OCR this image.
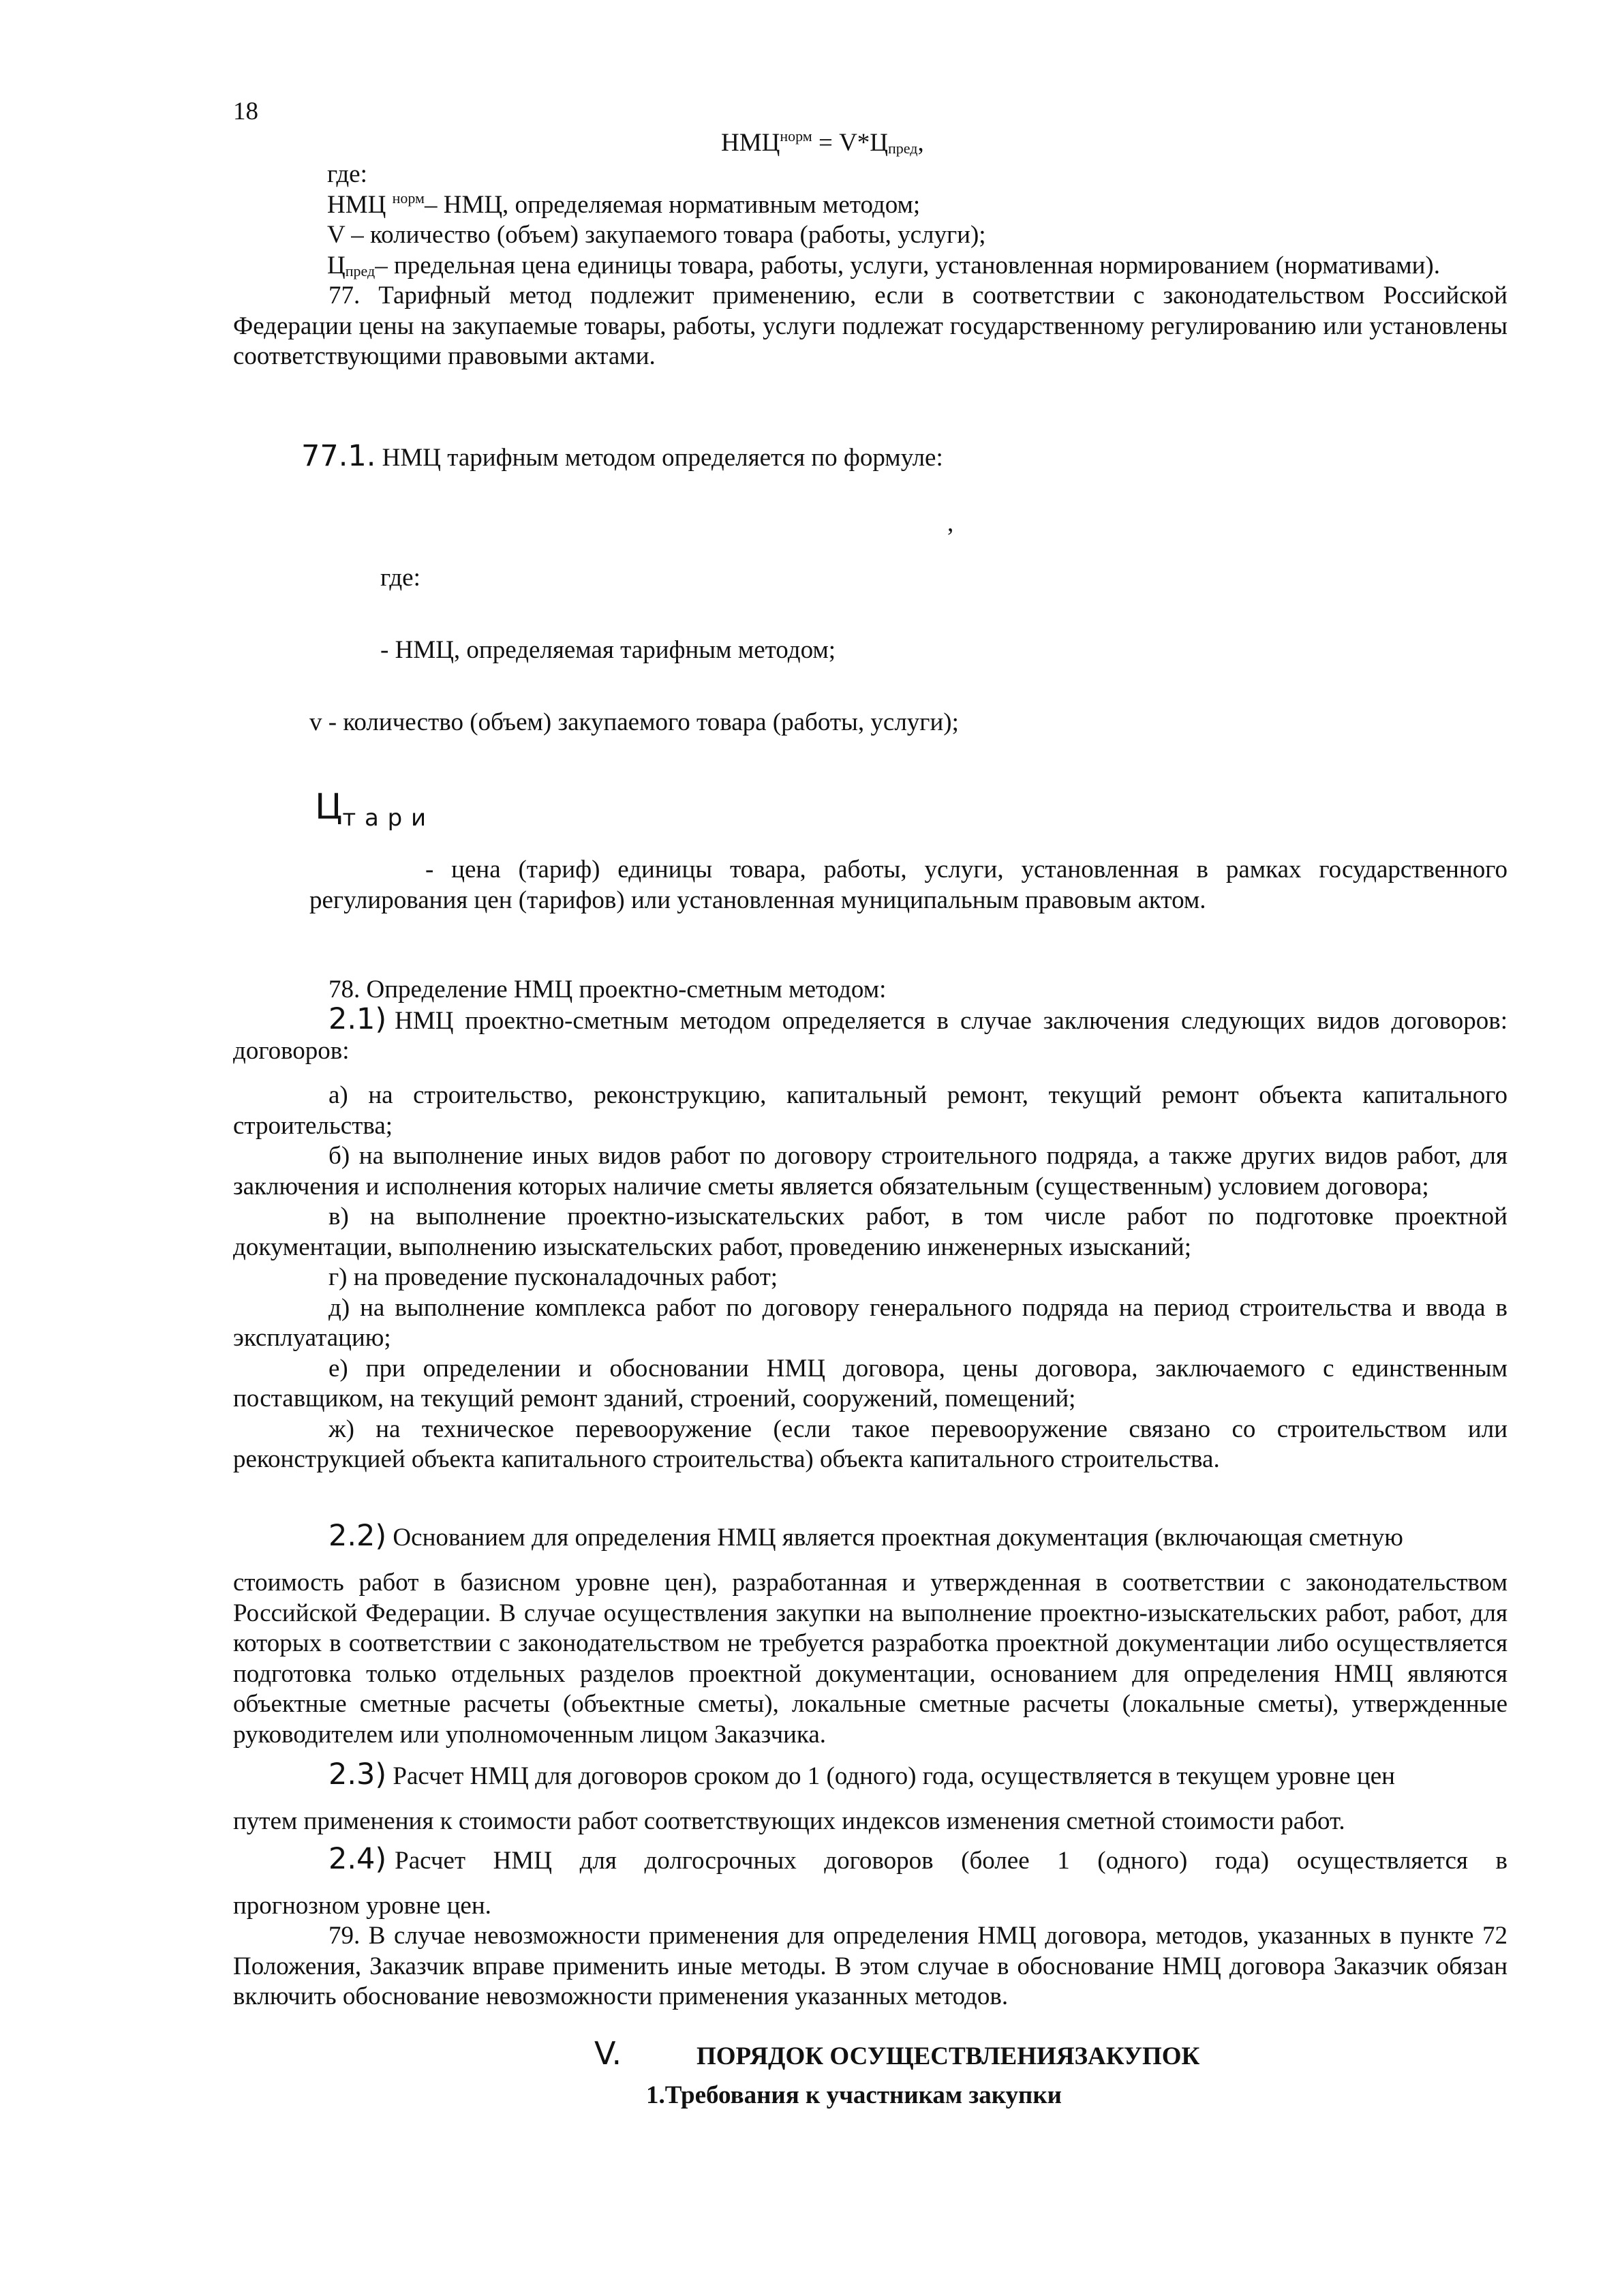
18
$НМЦ^{норм} = V*Ц_{пред}$,

где:

НМЦ $^{норм}$– НМЦ, определяемая нормативным методом;

V – количество (объем) закупаемого товара (работы, услуги);

$Ц_{пред}-$ предельная цена единицы товара, работы, услуги, установленная нормированием (нормативами).

77. Тарифный метод подлежит применению, если в соответствии с законодательством Российской Федерации цены на закупаемые товары, работы, услуги подлежат государственному регулированию или установлены соответствующими правовыми актами.

77.1. НМЦ тарифным методом определяется по формуле:
,
где:
- НМЦ, определяемая тарифным методом;
v - количество (объем) закупаемого товара (работы, услуги);
Цт а р и

- цена (тариф) единицы товара, работы, услуги, установленная в рамках государственного регулирования цен (тарифов) или установленная муниципальным правовым актом.

78. Определение НМЦ проектно-сметным методом:
2.1) НМЦ проектно-сметным методом определяется в случае заключения следующих видов договоров:
договоров:

а) на строительство, реконструкцию, капитальный ремонт, текущий ремонт объекта капитального строительства;

б) на выполнение иных видов работ по договору строительного подряда, а также других видов работ, для заключения и исполнения которых наличие сметы является обязательным (существенным) условием договора;

в) на выполнение проектно-изыскательских работ, в том числе работ по подготовке проектной документации, выполнению изыскательских работ, проведению инженерных изысканий;

г) на проведение пусконаладочных работ;

д) на выполнение комплекса работ по договору генерального подряда на период строительства и ввода в эксплуатацию;

е) при определении и обосновании НМЦ договора, цены договора, заключаемого с единственным поставщиком, на текущий ремонт зданий, строений, сооружений, помещений;

ж) на техническое перевооружение (если такое перевооружение связано со строительством или реконструкцией объекта капитального строительства) объекта капитального строительства.

2.2) Основанием для определения НМЦ является проектная документация (включающая сметную

стоимость работ в базисном уровне цен), разработанная и утвержденная в соответствии с законодательством Российской Федерации. В случае осуществления закупки на выполнение проектно-изыскательских работ, работ, для которых в соответствии с законодательством не требуется разработка проектной документации либо осуществляется подготовка только отдельных разделов проектной документации, основанием для определения НМЦ являются объектные сметные расчеты (объектные сметы), локальные сметные расчеты (локальные сметы), утвержденные руководителем или уполномоченным лицом Заказчика.

2.3) Расчет НМЦ для договоров сроком до 1 (одного) года, осуществляется в текущем уровне цен
путем применения к стоимости работ соответствующих индексов изменения сметной стоимости работ.
2.4) Расчет НМЦ для долгосрочных договоров (более 1 (одного) года) осуществляется в
прогнозном уровне цен.

79. В случае невозможности применения для определения НМЦ договора, методов, указанных в пункте 72 Положения, Заказчик вправе применить иные методы. В этом случае в обоснование НМЦ договора Заказчик обязан включить обоснование невозможности применения указанных методов.

V.	ПОРЯДОК ОСУЩЕСТВЛЕНИЯЗАКУПОК
1.Требования к участникам закупки
